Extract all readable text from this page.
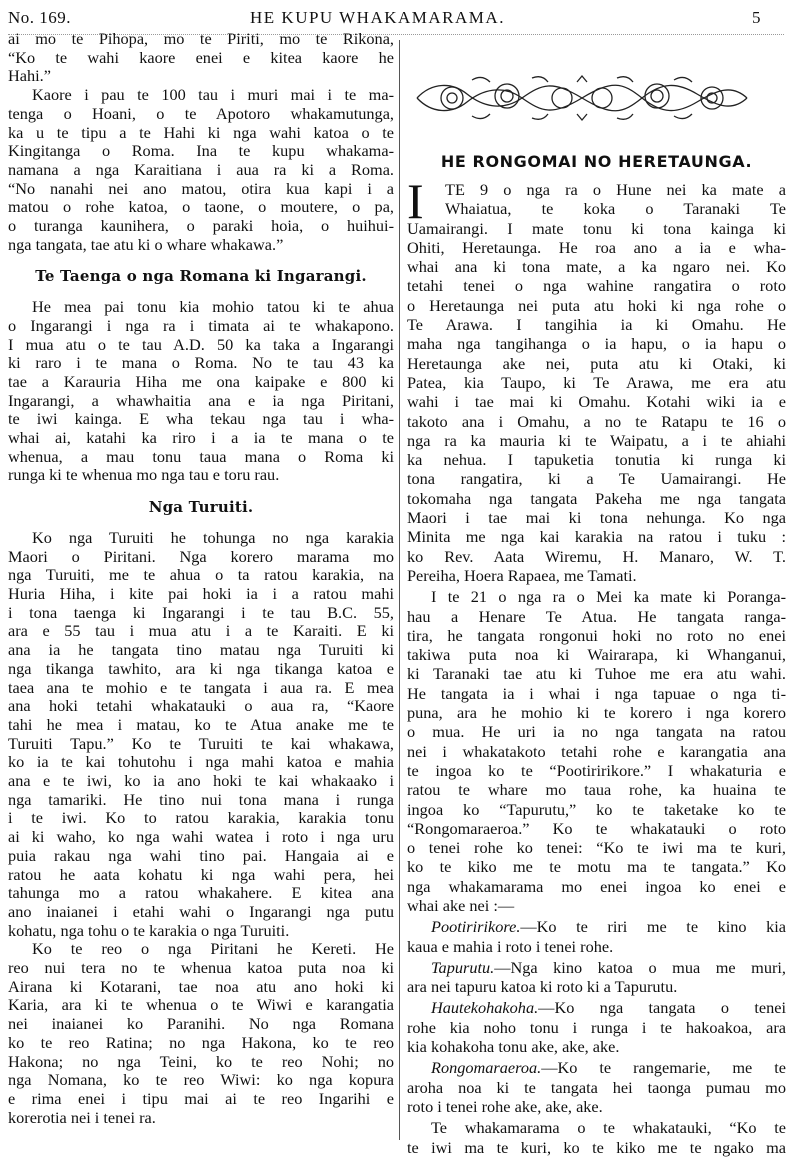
No. 169.	HE KUPU WHAKAMARAMA.	5
ai mo te Pihopa, mo te Piriti, mo te Rikona,
“Ko te wahi kaore enei e kitea kaore he
Hahi.”
Kaore i pau te 100 tau i muri mai i te ma-
tenga o Hoani, o te Apotoro whakamutunga,
ka u te tipu a te Hahi ki nga wahi katoa o te
Kingitanga o Roma. Ina te kupu whakama-
namana a nga Karaitiana i aua ra ki a Roma.
“No nanahi nei ano matou, otira kua kapi i a
matou o rohe katoa, o taone, o moutere, o pa,
o turanga kaunihera, o paraki hoia, o huihui-
nga tangata, tae atu ki o whare whakawa.”
Te Taenga o nga Romana ki Ingarangi.
He mea pai tonu kia mohio tatou ki te ahua
o Ingarangi i nga ra i timata ai te whakapono.
I mua atu o te tau A.D. 50 ka taka a Ingarangi
ki raro i te mana o Roma. No te tau 43 ka
tae a Karauria Hiha me ona kaipake e 800 ki
Ingarangi, a whawhaitia ana e ia nga Piritani,
te iwi kainga. E wha tekau nga tau i wha-
whai ai, katahi ka riro i a ia te mana o te
whenua, a mau tonu taua mana o Roma ki
runga ki te whenua mo nga tau e toru rau.
Nga Turuiti.
Ko nga Turuiti he tohunga no nga karakia
Maori o Piritani. Nga korero marama mo
nga Turuiti, me te ahua o ta ratou karakia, na
Huria Hiha, i kite pai hoki ia i a ratou mahi
i tona taenga ki Ingarangi i te tau B.C. 55,
ara e 55 tau i mua atu i a te Karaiti. E ki
ana ia he tangata tino matau nga Turuiti ki
nga tikanga tawhito, ara ki nga tikanga katoa e
taea ana te mohio e te tangata i aua ra. E mea
ana hoki tetahi whakatauki o aua ra, “Kaore
tahi he mea i matau, ko te Atua anake me te
Turuiti Tapu.” Ko te Turuiti te kai whakawa,
ko ia te kai tohutohu i nga mahi katoa e mahia
ana e te iwi, ko ia ano hoki te kai whakaako i
nga tamariki. He tino nui tona mana i runga
i te iwi. Ko to ratou karakia, karakia tonu
ai ki waho, ko nga wahi watea i roto i nga uru
puia rakau nga wahi tino pai. Hangaia ai e
ratou he aata kohatu ki nga wahi pera, hei
tahunga mo a ratou whakahere. E kitea ana
ano inaianei i etahi wahi o Ingarangi nga putu
kohatu, nga tohu o te karakia o nga Turuiti.
Ko te reo o nga Piritani he Kereti. He
reo nui tera no te whenua katoa puta noa ki
Airana ki Kotarani, tae noa atu ano hoki ki
Karia, ara ki te whenua o te Wiwi e karangatia
nei inaianei ko Paranihi. No nga Romana
ko te reo Ratina; no nga Hakona, ko te reo
Hakona; no nga Teini, ko te reo Nohi; no
nga Nomana, ko te reo Wiwi: ko nga kopura
e rima enei i tipu mai ai te reo Ingarihi e
korerotia nei i tenei ra.
HE RONGOMAI NO HERETAUNGA.
I	TE 9 o nga ra o Hune nei ka mate a
Whaiatua, te koka o Taranaki Te
Uamairangi. I mate tonu ki tona kainga ki
Ohiti, Heretaunga. He roa ano a ia e wha-
whai ana ki tona mate, a ka ngaro nei. Ko
tetahi tenei o nga wahine rangatira o roto
o Heretaunga nei puta atu hoki ki nga rohe o
Te Arawa. I tangihia ia ki Omahu. He
maha nga tangihanga o ia hapu, o ia hapu o
Heretaunga ake nei, puta atu ki Otaki, ki
Patea, kia Taupo, ki Te Arawa, me era atu
wahi i tae mai ki Omahu. Kotahi wiki ia e
takoto ana i Omahu, a no te Ratapu te 16 o
nga ra ka mauria ki te Waipatu, a i te ahiahi
ka nehua. I tapuketia tonutia ki runga ki
tona rangatira, ki a Te Uamairangi. He
tokomaha nga tangata Pakeha me nga tangata
Maori i tae mai ki tona nehunga. Ko nga
Minita me nga kai karakia na ratou i tuku :
ko Rev. Aata Wiremu, H. Manaro, W. T.
Pereiha, Hoera Rapaea, me Tamati.
I te 21 o nga ra o Mei ka mate ki Poranga-
hau a Henare Te Atua. He tangata ranga-
tira, he tangata rongonui hoki no roto no enei
takiwa puta noa ki Wairarapa, ki Whanganui,
ki Taranaki tae atu ki Tuhoe me era atu wahi.
He tangata ia i whai i nga tapuae o nga ti-
puna, ara he mohio ki te korero i nga korero
o mua. He uri ia no nga tangata na ratou
nei i whakatakoto tetahi rohe e karangatia ana
te ingoa ko te “Pootiririkore.” I whakaturia e
ratou te whare mo taua rohe, ka huaina te
ingoa ko “Tapurutu,” ko te taketake ko te
“Rongomaraeroa.” Ko te whakatauki o roto
o tenei rohe ko tenei: “Ko te iwi ma te kuri,
ko te kiko me te motu ma te tangata.” Ko
nga whakamarama mo enei ingoa ko enei e
whai ake nei :—
Pootiririkore.—Ko te riri me te kino kia
kaua e mahia i roto i tenei rohe.
Tapurutu.—Nga kino katoa o mua me muri,
ara nei tapuru katoa ki roto ki a Tapurutu.
Hautekohakoha.—Ko nga tangata o tenei
rohe kia noho tonu i runga i te hakoakoa, ara
kia kohakoha tonu ake, ake, ake.
Rongomaraeroa.—Ko te rangemarie, me te
aroha noa ki te tangata hei taonga pumau mo
roto i tenei rohe ake, ake, ake.
Te whakamarama o te whakatauki, “Ko te
te iwi ma te kuri, ko te kiko me te ngako ma
